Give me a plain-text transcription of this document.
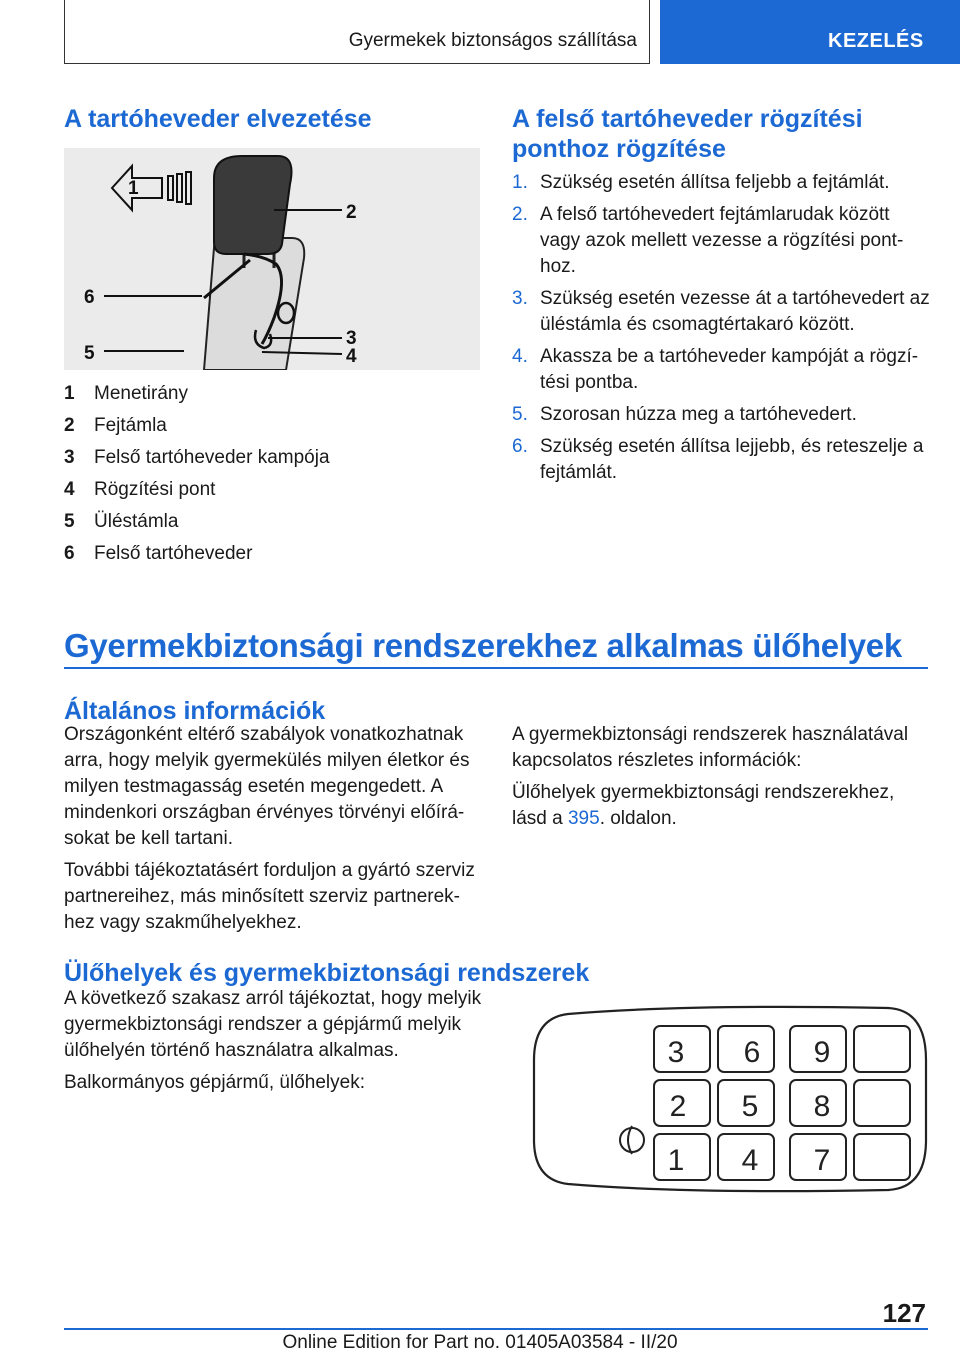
Gyermekek biztonságos szállítása	KEZELÉS
A tartóheveder elvezetése
1
2
6
3
5	4
1	Menetirány
2	Fejtámla
3	Felső tartóheveder kampója
4	Rögzítési pont
5	Üléstámla
6	Felső tartóheveder
A felső tartóheveder rögzítési ponthoz rögzítése
1. Szükség esetén állítsa feljebb a fejtámlát.
2. A felső tartóhevedert fejtámlarudak között vagy azok mellett vezesse a rögzítési pont‐hoz.
3. Szükség esetén vezesse át a tartóhevedert az üléstámla és csomagtértakaró között.
4. Akassza be a tartóheveder kampóját a rögzí‐tési pontba.
5. Szorosan húzza meg a tartóhevedert.
6. Szükség esetén állítsa lejjebb, és reteszelje a fejtámlát.
Gyermekbiztonsági rendszerekhez alkalmas ülőhelyek
Általános információk

Országonként eltérő szabályok vonatkozhatnak arra, hogy melyik gyermekülés milyen életkor és milyen testmagasság esetén megengedett. A mindenkori országban érvényes törvényi előírá‐sokat be kell tartani.

További tájékoztatásért forduljon a gyártó szerviz partnereihez, más minősített szerviz partnerek‐hez vagy szakműhelyekhez.

A gyermekbiztonsági rendszerek használatával kapcsolatos részletes információk:

Ülőhelyek gyermekbiztonsági rendszerekhez, lásd a 395. oldalon.

Ülőhelyek és gyermekbiztonsági rendszerek

A következő szakasz arról tájékoztat, hogy melyik gyermekbiztonsági rendszer a gépjármű melyik ülőhelyén történő használatra alkalmas.

Balkormányos gépjármű, ülőhelyek:

3 6 9
2 5 8
1 4 7
127
Online Edition for Part no. 01405A03584 - II/20
